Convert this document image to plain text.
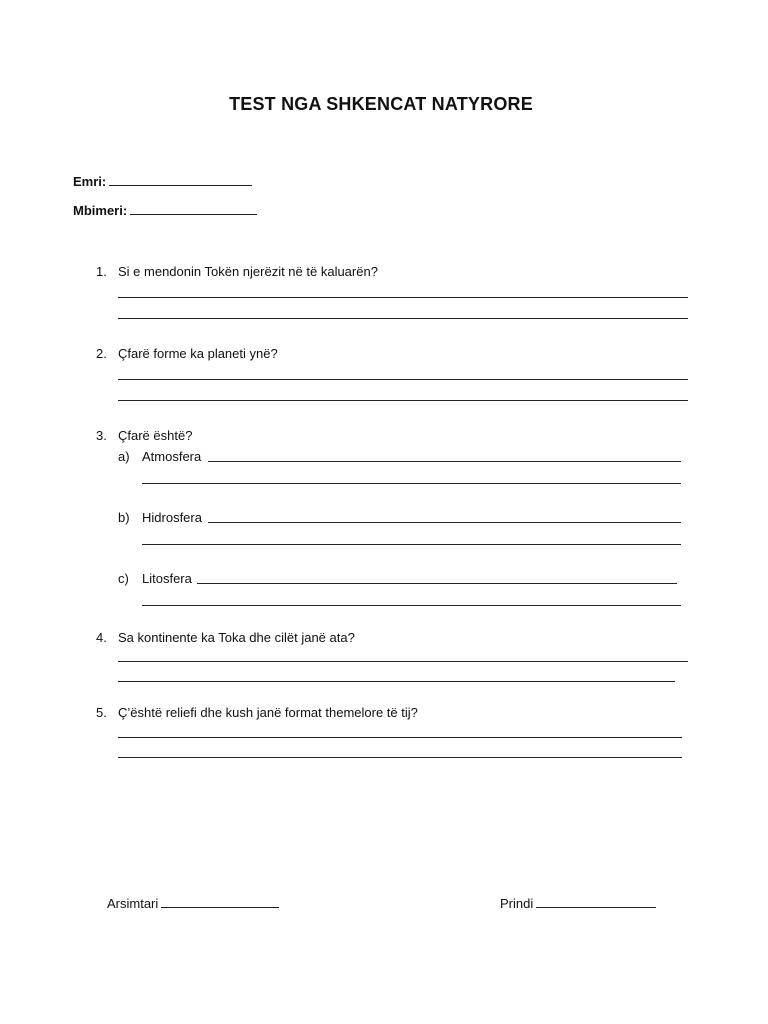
TEST NGA SHKENCAT NATYRORE
Emri:
Mbimeri:
1. Si e mendonin Tokën njerëzit në të kaluarën?
2. Çfarë forme ka planeti ynë?
3. Çfarë është?
a) Atmosfera
b) Hidrosfera
c) Litosfera
4. Sa kontinente ka Toka dhe cilët janë ata?
5. Ç’është relieﬁ dhe kush janë format themelore të tij?
Arsimtari	Prindi
